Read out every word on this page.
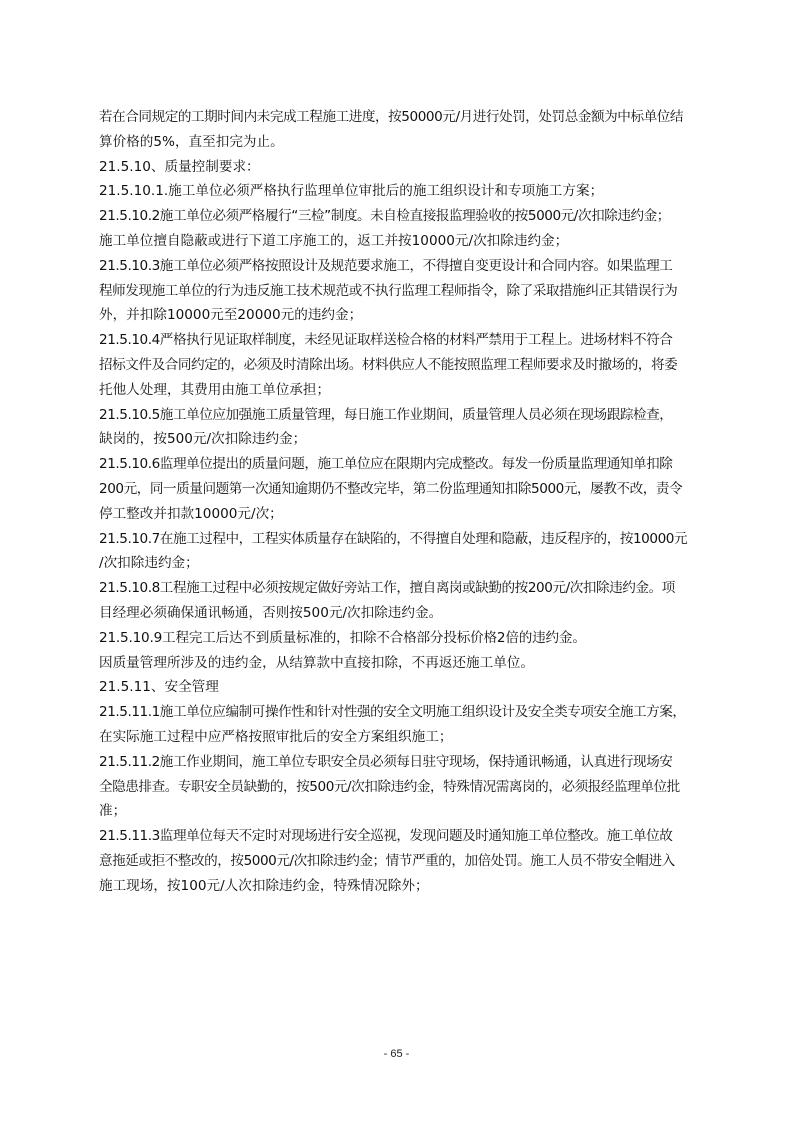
若在合同规定的工期时间内未完成工程施工进度，按50000元/月进行处罚，处罚总金额为中标单位结
算价格的5%，直至扣完为止。
21.5.10、质量控制要求：
21.5.10.1.施工单位必须严格执行监理单位审批后的施工组织设计和专项施工方案；
21.5.10.2施工单位必须严格履行“三检”制度。未自检直接报监理验收的按5000元/次扣除违约金；
施工单位擅自隐蔽或进行下道工序施工的，返工并按10000元/次扣除违约金；
21.5.10.3施工单位必须严格按照设计及规范要求施工，不得擅自变更设计和合同内容。如果监理工
程师发现施工单位的行为违反施工技术规范或不执行监理工程师指令，除了采取措施纠正其错误行为
外，并扣除10000元至20000元的违约金；
21.5.10.4严格执行见证取样制度，未经见证取样送检合格的材料严禁用于工程上。进场材料不符合
招标文件及合同约定的，必须及时清除出场。材料供应人不能按照监理工程师要求及时撤场的，将委
托他人处理，其费用由施工单位承担；
21.5.10.5施工单位应加强施工质量管理，每日施工作业期间，质量管理人员必须在现场跟踪检查，
缺岗的，按500元/次扣除违约金；
21.5.10.6监理单位提出的质量问题，施工单位应在限期内完成整改。每发一份质量监理通知单扣除
200元，同一质量问题第一次通知逾期仍不整改完毕，第二份监理通知扣除5000元，屡教不改，责令
停工整改并扣款10000元/次；
21.5.10.7在施工过程中，工程实体质量存在缺陷的，不得擅自处理和隐蔽，违反程序的，按10000元
/次扣除违约金；
21.5.10.8工程施工过程中必须按规定做好旁站工作，擅自离岗或缺勤的按200元/次扣除违约金。项
目经理必须确保通讯畅通，否则按500元/次扣除违约金。
21.5.10.9工程完工后达不到质量标准的，扣除不合格部分投标价格2倍的违约金。
因质量管理所涉及的违约金，从结算款中直接扣除，不再返还施工单位。
21.5.11、安全管理
21.5.11.1施工单位应编制可操作性和针对性强的安全文明施工组织设计及安全类专项安全施工方案，
在实际施工过程中应严格按照审批后的安全方案组织施工；
21.5.11.2施工作业期间，施工单位专职安全员必须每日驻守现场，保持通讯畅通，认真进行现场安
全隐患排查。专职安全员缺勤的，按500元/次扣除违约金，特殊情况需离岗的，必须报经监理单位批
准；
21.5.11.3监理单位每天不定时对现场进行安全巡视，发现问题及时通知施工单位整改。施工单位故
意拖延或拒不整改的，按5000元/次扣除违约金；情节严重的，加倍处罚。施工人员不带安全帽进入
施工现场，按100元/人次扣除违约金，特殊情况除外；
- 65 -
